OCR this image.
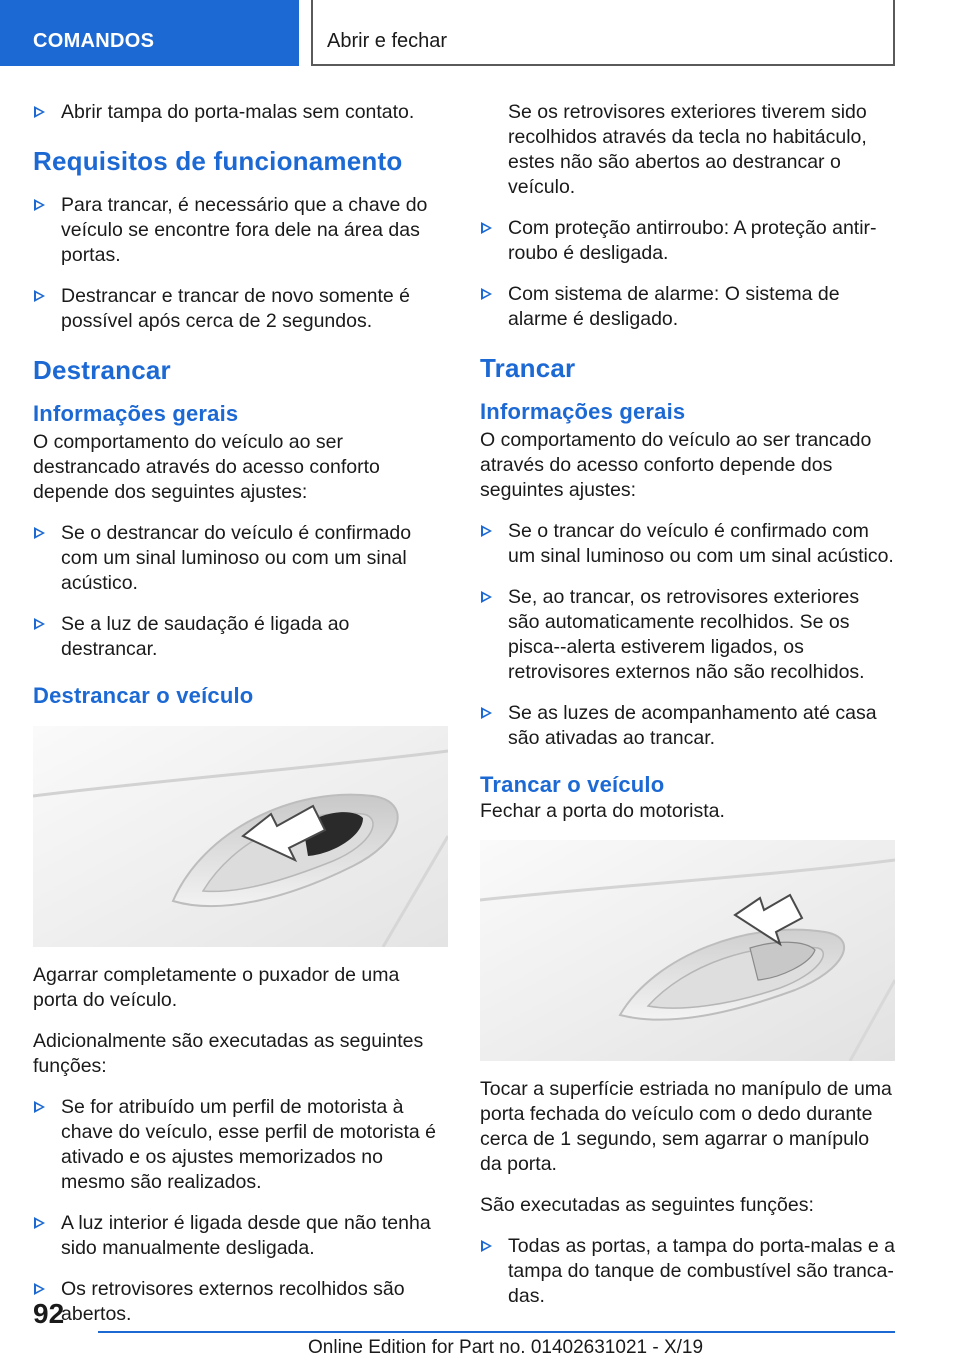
COMANDOS	Abrir e fechar
Abrir tampa do porta-malas sem contato.
Requisitos de funcionamento
Para trancar, é necessário que a chave do veículo se encontre fora dele na área das portas.
Destrancar e trancar de novo somente é possível após cerca de 2 segundos.
Destrancar
Informações gerais

O comportamento do veículo ao ser destrancado através do acesso conforto depende dos seguintes ajustes:

Se o destrancar do veículo é confirmado com um sinal luminoso ou com um sinal acústico.
Se a luz de saudação é ligada ao destrancar.
Destrancar o veículo

Agarrar completamente o puxador de uma porta do veículo.

Adicionalmente são executadas as seguintes funções:

Se for atribuído um perfil de motorista à chave do veículo, esse perfil de motorista é ativado e os ajustes memorizados no mesmo são realizados.
A luz interior é ligada desde que não tenha sido manualmente desligada.
Os retrovisores externos recolhidos são abertos.

Se os retrovisores exteriores tiverem sido recolhidos através da tecla no habitáculo, estes não são abertos ao destrancar o veículo.

Com proteção antirroubo: A proteção antirroubo é desligada.
Com sistema de alarme: O sistema de alarme é desligado.
Trancar
Informações gerais

O comportamento do veículo ao ser trancado através do acesso conforto depende dos seguintes ajustes:

Se o trancar do veículo é confirmado com um sinal luminoso ou com um sinal acústico.
Se, ao trancar, os retrovisores exteriores são automaticamente recolhidos. Se os pisca--alerta estiverem ligados, os retrovisores externos não são recolhidos.
Se as luzes de acompanhamento até casa são ativadas ao trancar.
Trancar o veículo

Fechar a porta do motorista.

Tocar a superfície estriada no manípulo de uma porta fechada do veículo com o dedo durante cerca de 1 segundo, sem agarrar o manípulo da porta.

São executadas as seguintes funções:

Todas as portas, a tampa do porta-malas e a tampa do tanque de combustível são trancadas.
92
Online Edition for Part no. 01402631021 - X/19
